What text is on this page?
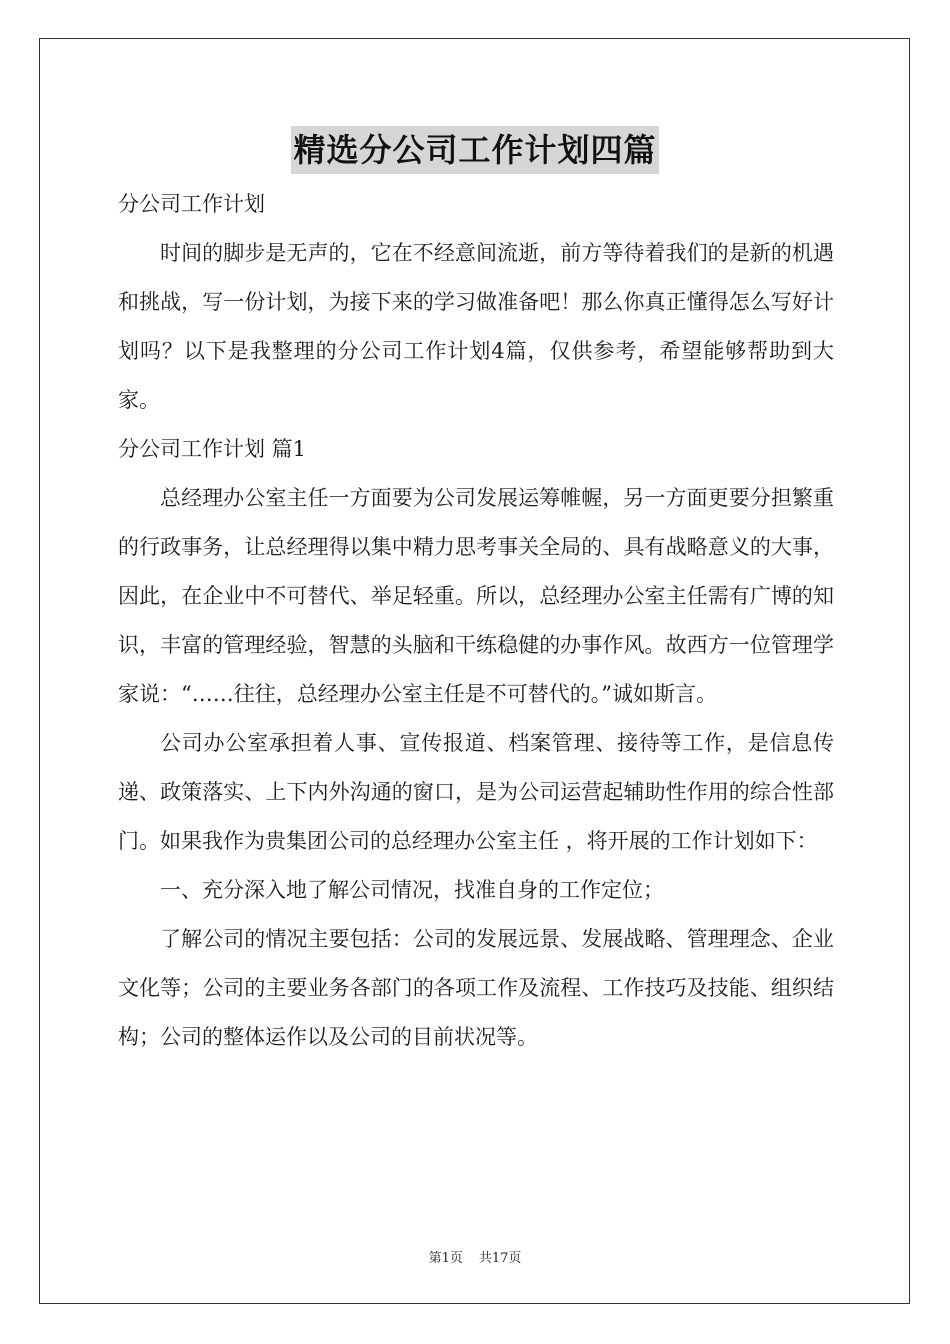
精选分公司工作计划四篇

分公司工作计划

时间的脚步是无声的，它在不经意间流逝，前方等待着我们的是新的机遇和挑战，写一份计划，为接下来的学习做准备吧！那么你真正懂得怎么写好计划吗？以下是我整理的分公司工作计划4篇，仅供参考，希望能够帮助到大家。

分公司工作计划 篇1

总经理办公室主任一方面要为公司发展运筹帷幄，另一方面更要分担繁重的行政事务，让总经理得以集中精力思考事关全局的、具有战略意义的大事，因此，在企业中不可替代、举足轻重。所以，总经理办公室主任需有广博的知识，丰富的管理经验，智慧的头脑和干练稳健的办事作风。故西方一位管理学家说：“……往往，总经理办公室主任是不可替代的。”诚如斯言。

公司办公室承担着人事、宣传报道、档案管理、接待等工作，是信息传递、政策落实、上下内外沟通的窗口，是为公司运营起辅助性作用的综合性部门。如果我作为贵集团公司的总经理办公室主任 ，将开展的工作计划如下：

一、充分深入地了解公司情况，找准自身的工作定位；

了解公司的情况主要包括：公司的发展远景、发展战略、管理理念、企业文化等；公司的主要业务各部门的各项工作及流程、工作技巧及技能、组织结构；公司的整体运作以及公司的目前状况等。

第1页 共17页
